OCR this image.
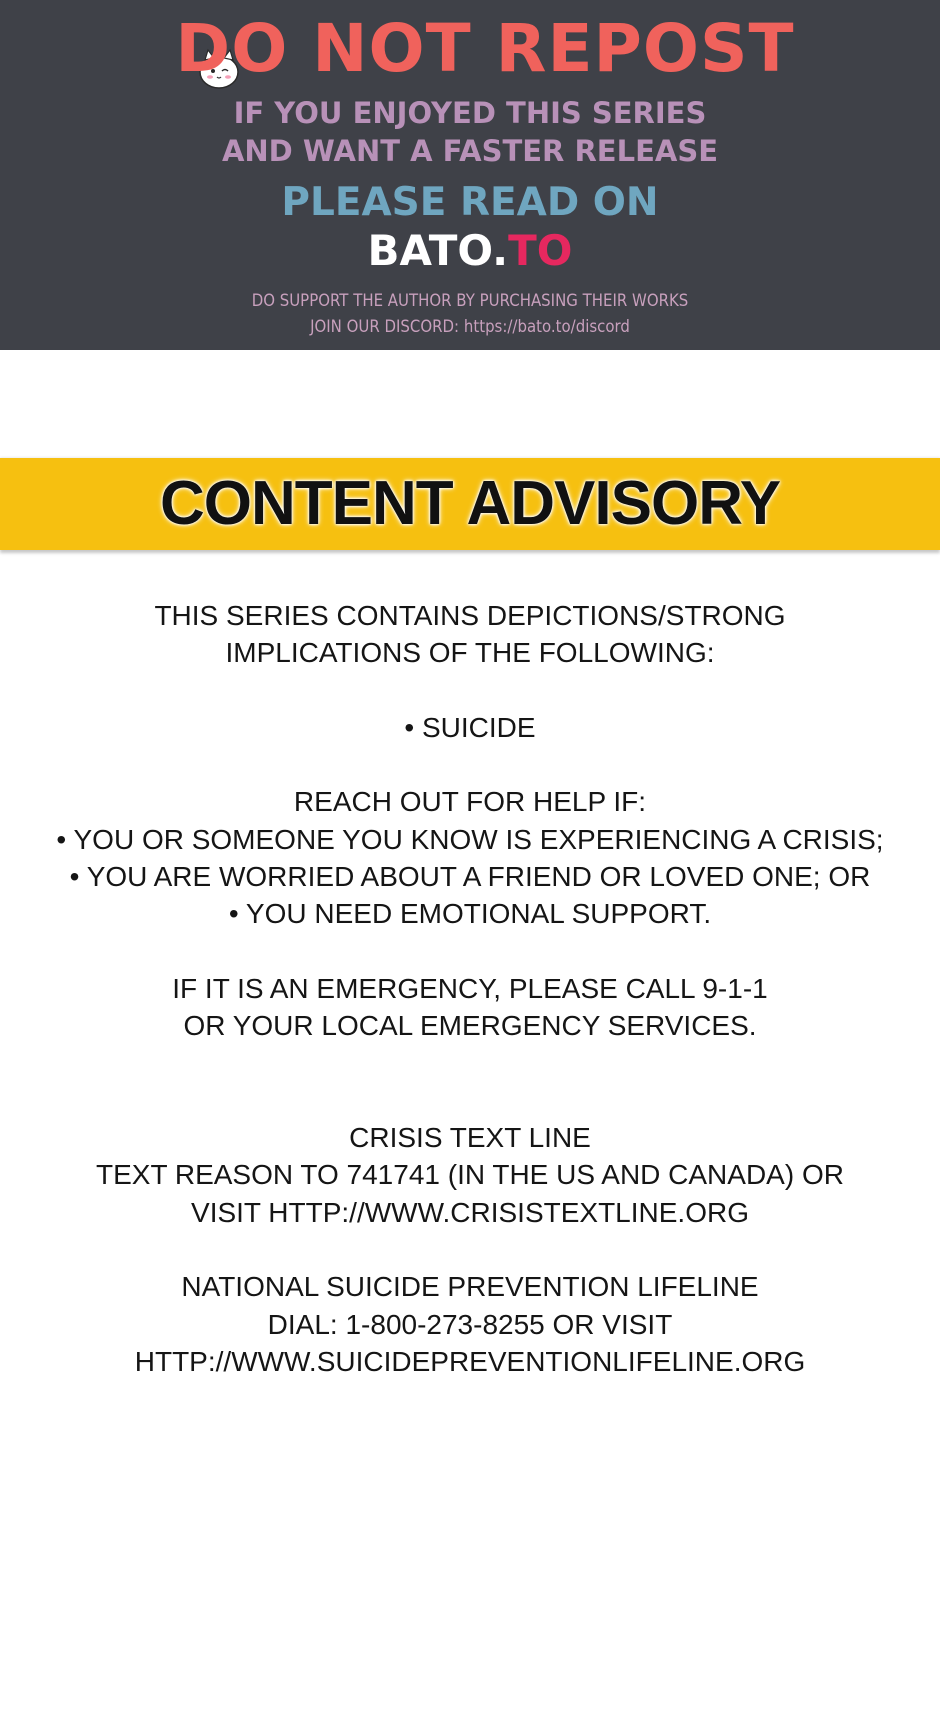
DO NOT REPOST
IF YOU ENJOYED THIS SERIES
AND WANT A FASTER RELEASE
PLEASE READ ON
BATO.TO
DO SUPPORT THE AUTHOR BY PURCHASING THEIR WORKS
JOIN OUR DISCORD: https://bato.to/discord
CONTENT ADVISORY
THIS SERIES CONTAINS DEPICTIONS/STRONG
IMPLICATIONS OF THE FOLLOWING:
• SUICIDE
REACH OUT FOR HELP IF:
• YOU OR SOMEONE YOU KNOW IS EXPERIENCING A CRISIS;
• YOU ARE WORRIED ABOUT A FRIEND OR LOVED ONE; OR
• YOU NEED EMOTIONAL SUPPORT.
IF IT IS AN EMERGENCY, PLEASE CALL 9-1-1
OR YOUR LOCAL EMERGENCY SERVICES.
CRISIS TEXT LINE
TEXT REASON TO 741741 (IN THE US AND CANADA) OR
VISIT HTTP://WWW.CRISISTEXTLINE.ORG
NATIONAL SUICIDE PREVENTION LIFELINE
DIAL: 1-800-273-8255 OR VISIT
HTTP://WWW.SUICIDEPREVENTIONLIFELINE.ORG
